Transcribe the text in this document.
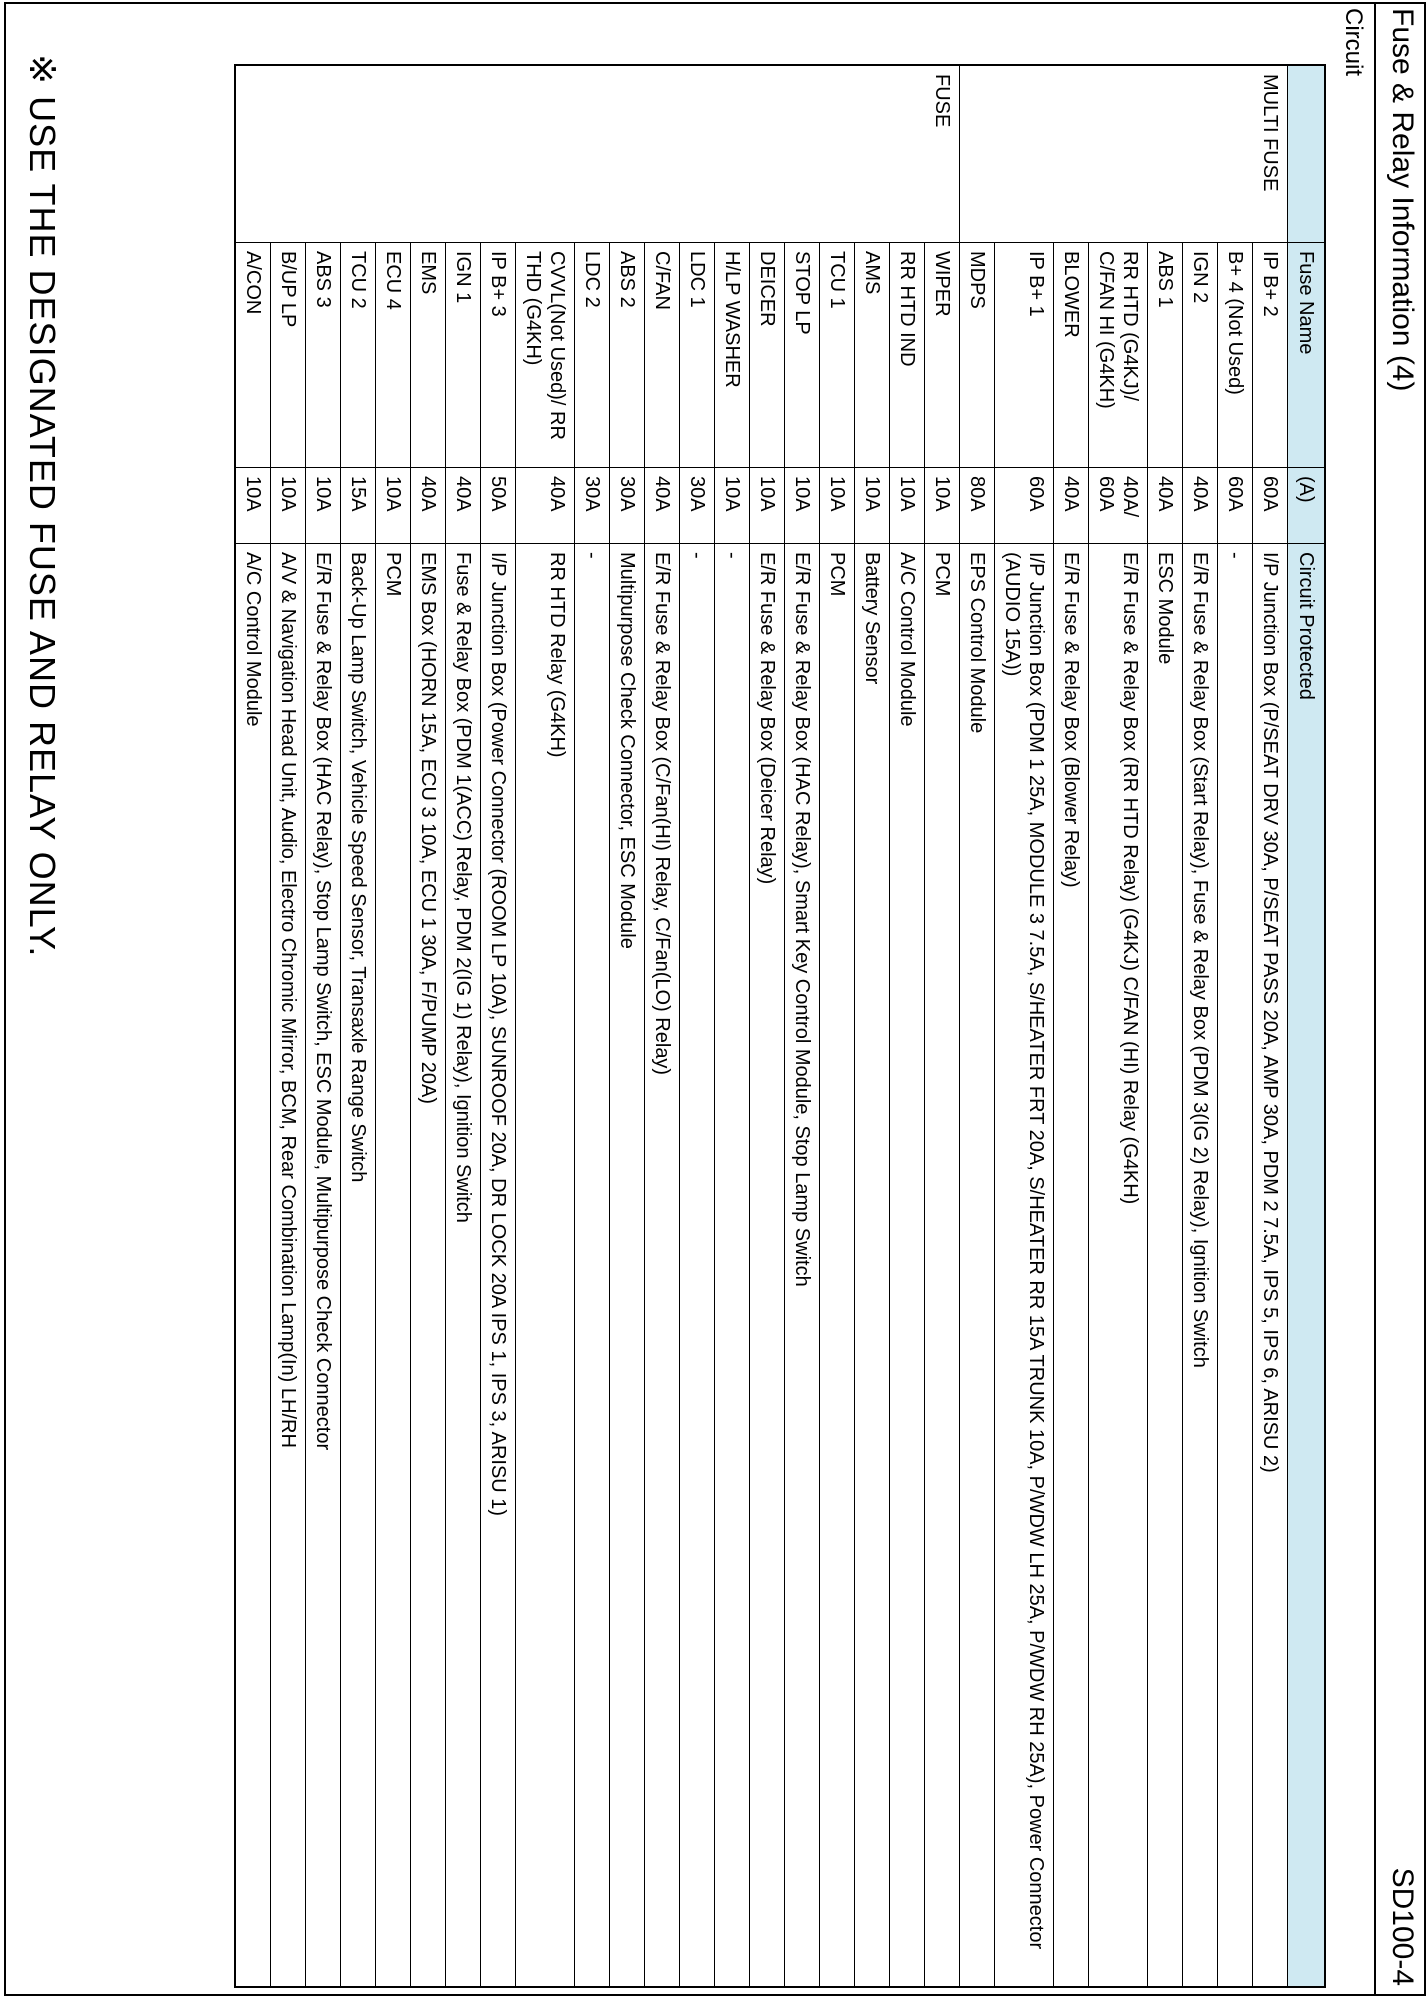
Fuse & Relay Information (4)
SD100-4
Circuit
	Fuse Name	(A)	Circuit Protected
MULTI FUSE	IP B+ 2	60A	I/P Junction Box (P/SEAT DRV 30A, P/SEAT PASS 20A, AMP 30A, PDM 2 7.5A, IPS 5, IPS 6, ARISU 2)
	B+ 4 (Not Used)	60A	-
	IGN 2	40A	E/R Fuse & Relay Box (Start Relay), Fuse & Relay Box (PDM 3(IG 2) Relay), Ignition Switch
	ABS 1	40A	ESC Module
	RR HTD (G4KJ)/ C/FAN HI (G4KH)	40A/ 60A	E/R Fuse & Relay Box (RR HTD Relay) (G4KJ) C/FAN (HI) Relay (G4KH)
	BLOWER	40A	E/R Fuse & Relay Box (Blower Relay)
	IP B+ 1	60A	I/P Junction Box (PDM 1 25A, MODULE 3 7.5A, S/HEATER FRT 20A, S/HEATER RR 15A TRUNK 10A, P/WDW LH 25A, P/WDW RH 25A), Power Connector (AUDIO 15A))
	MDPS	80A	EPS Control Module
FUSE	WIPER	10A	PCM
	RR HTD IND	10A	A/C Control Module
	AMS	10A	Battery Sensor
	TCU 1	10A	PCM
	STOP LP	10A	E/R Fuse & Relay Box (HAC Relay), Smart Key Control Module, Stop Lamp Switch
	DEICER	10A	E/R Fuse & Relay Box (Deicer Relay)
	H/LP WASHER	10A	-
	LDC 1	30A	-
	C/FAN	40A	E/R Fuse & Relay Box (C/Fan(HI) Relay, C/Fan(LO) Relay)
	ABS 2	30A	Multipurpose Check Connector, ESC Module
	LDC 2	30A	-
	CVVL(Not Used)/ RR THD (G4KH)	40A	RR HTD Relay (G4KH)
	IP B+ 3	50A	I/P Junction Box (Power Connector (ROOM LP 10A), SUNROOF 20A, DR LOCK 20A IPS 1, IPS 3, ARISU 1)
	IGN 1	40A	Fuse & Relay Box (PDM 1(ACC) Relay, PDM 2(IG 1) Relay), Ignition Switch
	EMS	40A	EMS Box (HORN 15A, ECU 3 10A, ECU 1 30A, F/PUMP 20A)
	ECU 4	10A	PCM
	TCU 2	15A	Back-Up Lamp Switch, Vehicle Speed Sensor, Transaxle Range Switch
	ABS 3	10A	E/R Fuse & Relay Box (HAC Relay), Stop Lamp Switch, ESC Module, Multipurpose Check Connector
	B/UP LP	10A	A/V & Navigation Head Unit, Audio, Electro Chromic Mirror, BCM, Rear Combination Lamp(In) LH/RH
	A/CON	10A	A/C Control Module
※ USE THE DESIGNATED FUSE AND RELAY ONLY.
